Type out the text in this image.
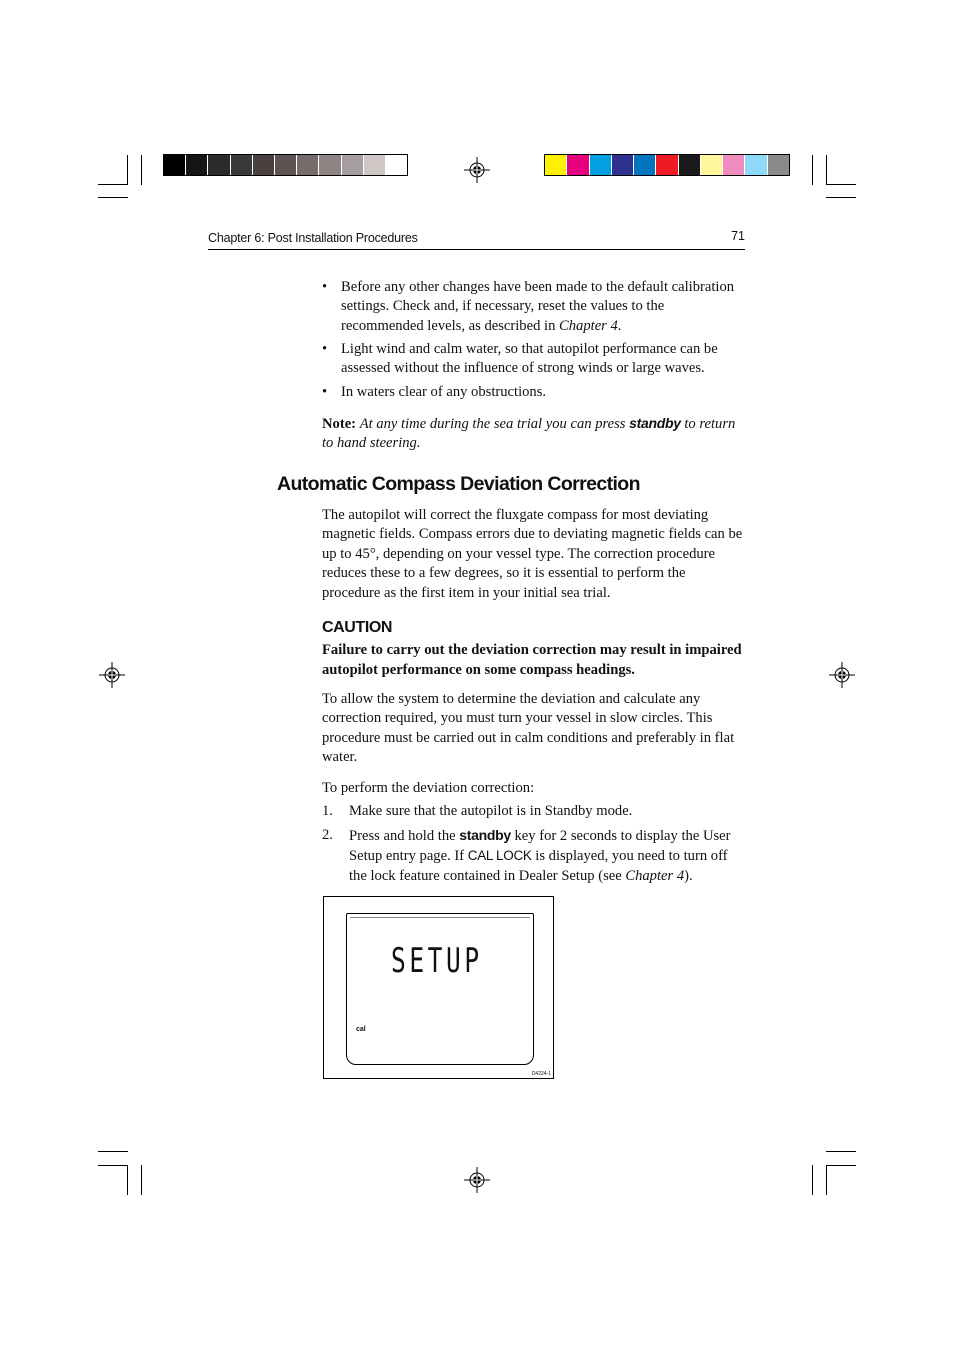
Chapter 6: Post Installation Procedures	71
• Before any other changes have been made to the default calibration settings. Check and, if necessary, reset the values to the recommended levels, as described in Chapter 4.
• Light wind and calm water, so that autopilot performance can be assessed without the influence of strong winds or large waves.
• In waters clear of any obstructions.
Note: At any time during the sea trial you can press standby to return to hand steering.
Automatic Compass Deviation Correction
The autopilot will correct the fluxgate compass for most deviating magnetic fields. Compass errors due to deviating magnetic fields can be up to 45°, depending on your vessel type. The correction procedure reduces these to a few degrees, so it is essential to perform the procedure as the first item in your initial sea trial.
CAUTION
Failure to carry out the deviation correction may result in impaired autopilot performance on some compass headings.
To allow the system to determine the deviation and calculate any correction required, you must turn your vessel in slow circles. This procedure must be carried out in calm conditions and preferably in flat water.
To perform the deviation correction:
1. Make sure that the autopilot is in Standby mode.
2. Press and hold the standby key for 2 seconds to display the User Setup entry page. If CAL LOCK is displayed, you need to turn off the lock feature contained in Dealer Setup (see Chapter 4).
SETUP
cal
D4224-1
